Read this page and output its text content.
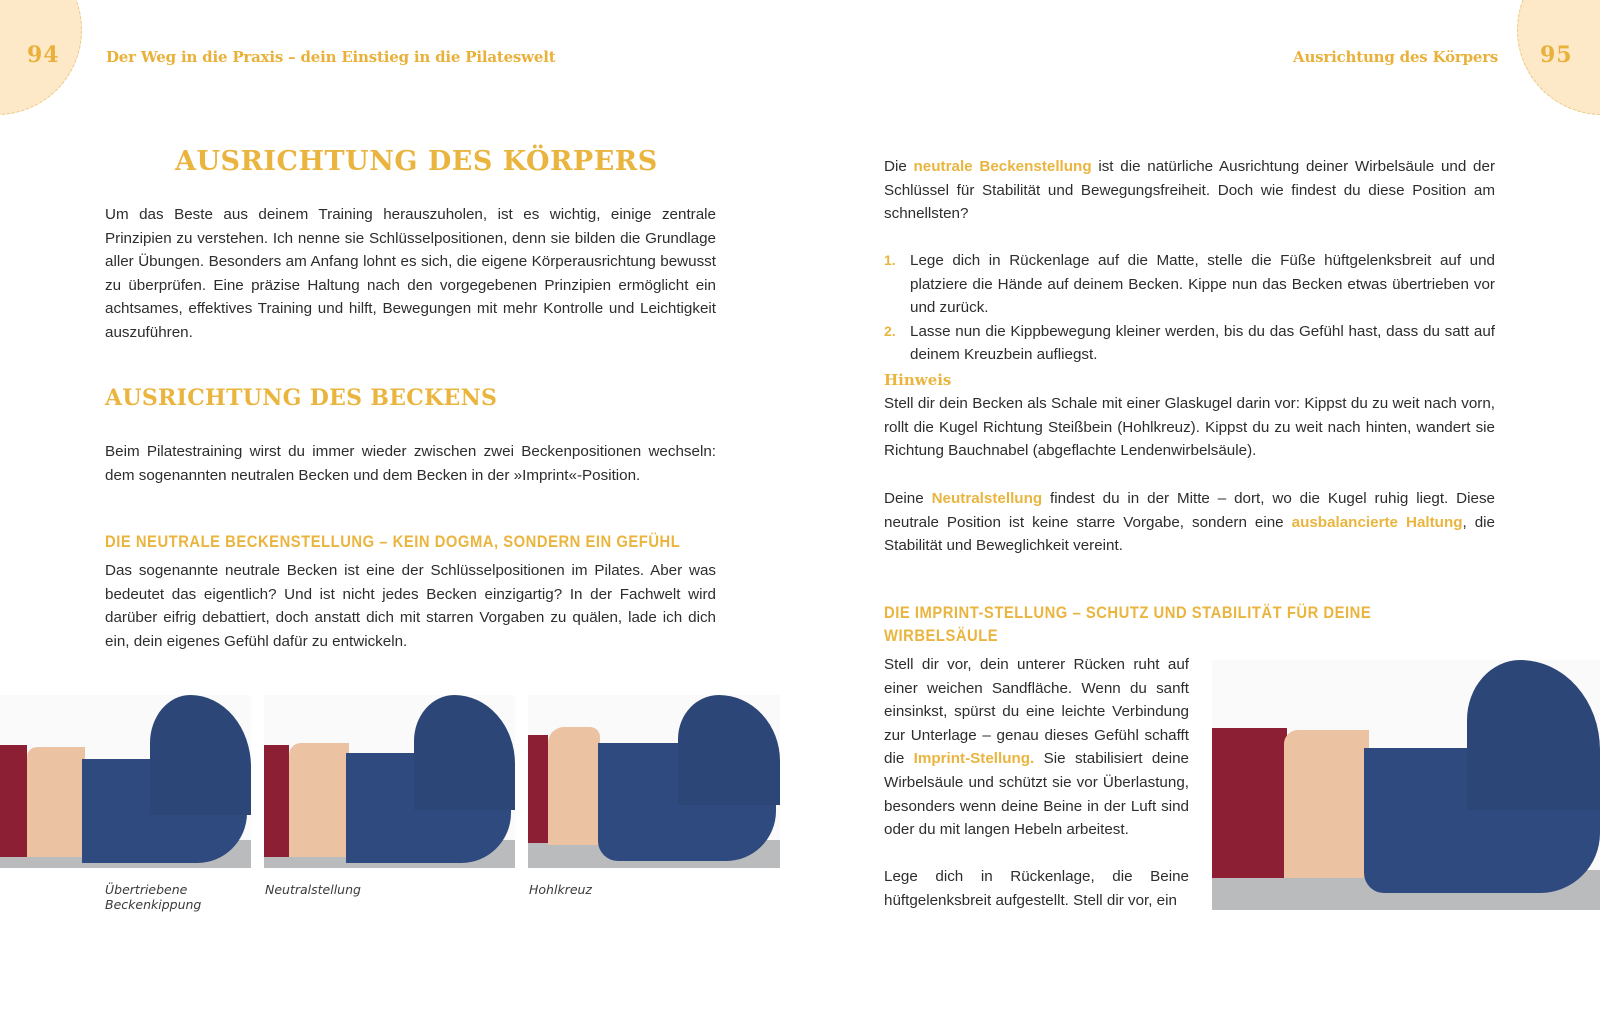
94	Der Weg in die Praxis – dein Einstieg in die Pilateswelt
AUSRICHTUNG DES KÖRPERS

Um das Beste aus deinem Training herauszuholen, ist es wichtig, einige zentrale Prinzipien zu verstehen. Ich nenne sie Schlüsselpositionen, denn sie bilden die Grundlage aller Übungen. Besonders am Anfang lohnt es sich, die eigene Körperausrichtung bewusst zu überprüfen. Eine präzise Haltung nach den vorgegebenen Prinzipien ermöglicht ein achtsames, effektives Training und hilft, Bewegungen mit mehr Kontrolle und Leichtigkeit auszuführen.

AUSRICHTUNG DES BECKENS

Beim Pilatestraining wirst du immer wieder zwischen zwei Beckenpositionen wechseln: dem sogenannten neutralen Becken und dem Becken in der »Imprint«-Position.

DIE NEUTRALE BECKENSTELLUNG – KEIN DOGMA, SONDERN EIN GEFÜHL

Das sogenannte neutrale Becken ist eine der Schlüsselpositionen im Pilates. Aber was bedeutet das eigentlich? Und ist nicht jedes Becken einzigartig? In der Fachwelt wird darüber eifrig debattiert, doch anstatt dich mit starren Vorgaben zu quälen, lade ich dich ein, dein eigenes Gefühl dafür zu entwickeln.

Übertriebene Beckenkippung
Neutralstellung	Hohlkreuz
95
Ausrichtung des Körpers

Die neutrale Beckenstellung ist die natürliche Ausrichtung deiner Wirbelsäule und der Schlüssel für Stabilität und Bewegungsfreiheit. Doch wie findest du diese Position am schnellsten?

1. Lege dich in Rückenlage auf die Matte, stelle die Füße hüftgelenksbreit auf und platziere die Hände auf deinem Becken. Kippe nun das Becken etwas übertrieben vor und zurück.
2. Lasse nun die Kippbewegung kleiner werden, bis du das Gefühl hast, dass du satt auf deinem Kreuzbein aufliegst.
Hinweis

Stell dir dein Becken als Schale mit einer Glaskugel darin vor: Kippst du zu weit nach vorn, rollt die Kugel Richtung Steißbein (Hohlkreuz). Kippst du zu weit nach hinten, wandert sie Richtung Bauchnabel (abgeflachte Lendenwirbelsäule).

Deine Neutralstellung findest du in der Mitte – dort, wo die Kugel ruhig liegt. Diese neutrale Position ist keine starre Vorgabe, sondern eine ausbalancierte Haltung, die Stabilität und Beweglichkeit vereint.

DIE IMPRINT-STELLUNG – SCHUTZ UND STABILITÄT FÜR DEINE WIRBELSÄULE

Stell dir vor, dein unterer Rücken ruht auf einer weichen Sandfläche. Wenn du sanft einsinkst, spürst du eine leichte Verbindung zur Unterlage – genau dieses Gefühl schafft die Imprint-Stellung. Sie stabilisiert deine Wirbelsäule und schützt sie vor Überlastung, besonders wenn deine Beine in der Luft sind oder du mit langen Hebeln arbeitest.

Lege dich in Rückenlage, die Beine hüftgelenksbreit aufgestellt. Stell dir vor, ein
